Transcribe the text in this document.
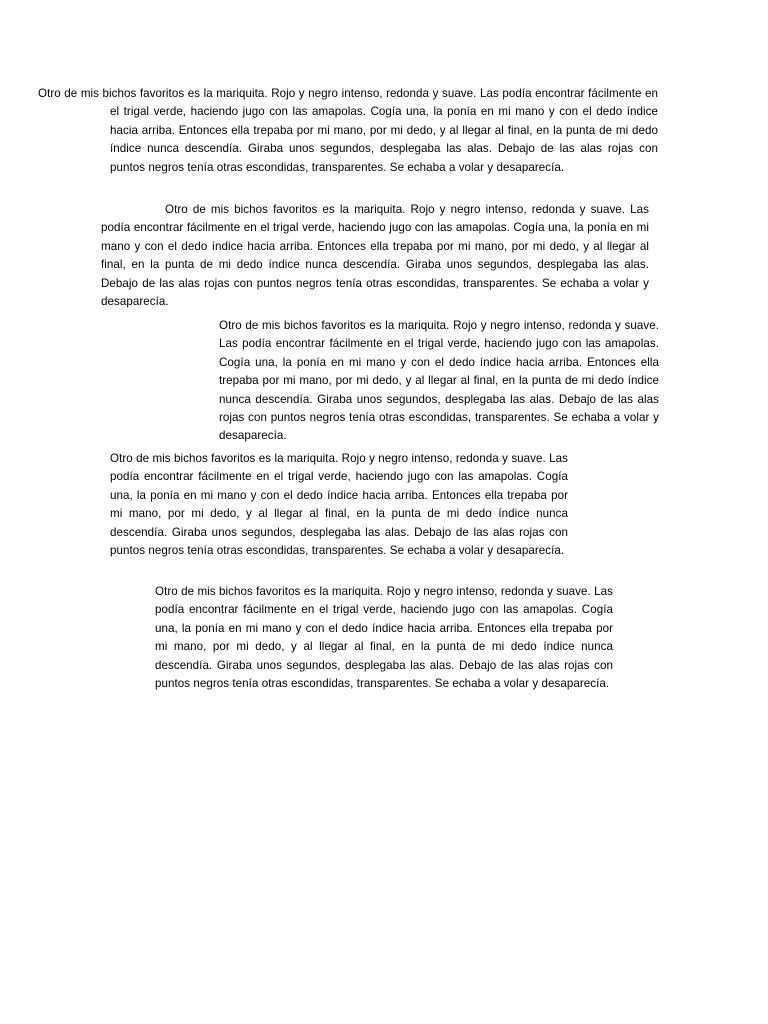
Otro de mis bichos favoritos es la mariquita. Rojo y negro intenso, redonda y suave. Las podía encontrar fácilmente en el trigal verde, haciendo jugo con las amapolas. Cogía una, la ponía en mi mano y con el dedo índice hacia arriba. Entonces ella trepaba por mi mano, por mi dedo, y al llegar al final, en la punta de mi dedo índice nunca descendía. Giraba unos segundos, desplegaba las alas. Debajo de las alas rojas con puntos negros tenía otras escondidas, transparentes. Se echaba a volar y desaparecía.

Otro de mis bichos favoritos es la mariquita. Rojo y negro intenso, redonda y suave. Las podía encontrar fácilmente en el trigal verde, haciendo jugo con las amapolas. Cogía una, la ponía en mi mano y con el dedo índice hacia arriba. Entonces ella trepaba por mi mano, por mi dedo, y al llegar al final, en la punta de mi dedo índice nunca descendía. Giraba unos segundos, desplegaba las alas. Debajo de las alas rojas con puntos negros tenía otras escondidas, transparentes. Se echaba a volar y desaparecía.

Otro de mis bichos favoritos es la mariquita. Rojo y negro intenso, redonda y suave. Las podía encontrar fácilmente en el trigal verde, haciendo jugo con las amapolas. Cogía una, la ponía en mi mano y con el dedo índice hacia arriba. Entonces ella trepaba por mi mano, por mi dedo, y al llegar al final, en la punta de mi dedo índice nunca descendía. Giraba unos segundos, desplegaba las alas. Debajo de las alas rojas con puntos negros tenía otras escondidas, transparentes. Se echaba a volar y desaparecía.

Otro de mis bichos favoritos es la mariquita. Rojo y negro intenso, redonda y suave. Las podía encontrar fácilmente en el trigal verde, haciendo jugo con las amapolas. Cogía una, la ponía en mi mano y con el dedo índice hacia arriba. Entonces ella trepaba por mi mano, por mi dedo, y al llegar al final, en la punta de mi dedo índice nunca descendía. Giraba unos segundos, desplegaba las alas. Debajo de las alas rojas con puntos negros tenía otras escondidas, transparentes. Se echaba a volar y desaparecía.

Otro de mis bichos favoritos es la mariquita. Rojo y negro intenso, redonda y suave. Las podía encontrar fácilmente en el trigal verde, haciendo jugo con las amapolas. Cogía una, la ponía en mi mano y con el dedo índice hacia arriba. Entonces ella trepaba por mi mano, por mi dedo, y al llegar al final, en la punta de mi dedo índice nunca descendía. Giraba unos segundos, desplegaba las alas. Debajo de las alas rojas con puntos negros tenía otras escondidas, transparentes. Se echaba a volar y desaparecía.
